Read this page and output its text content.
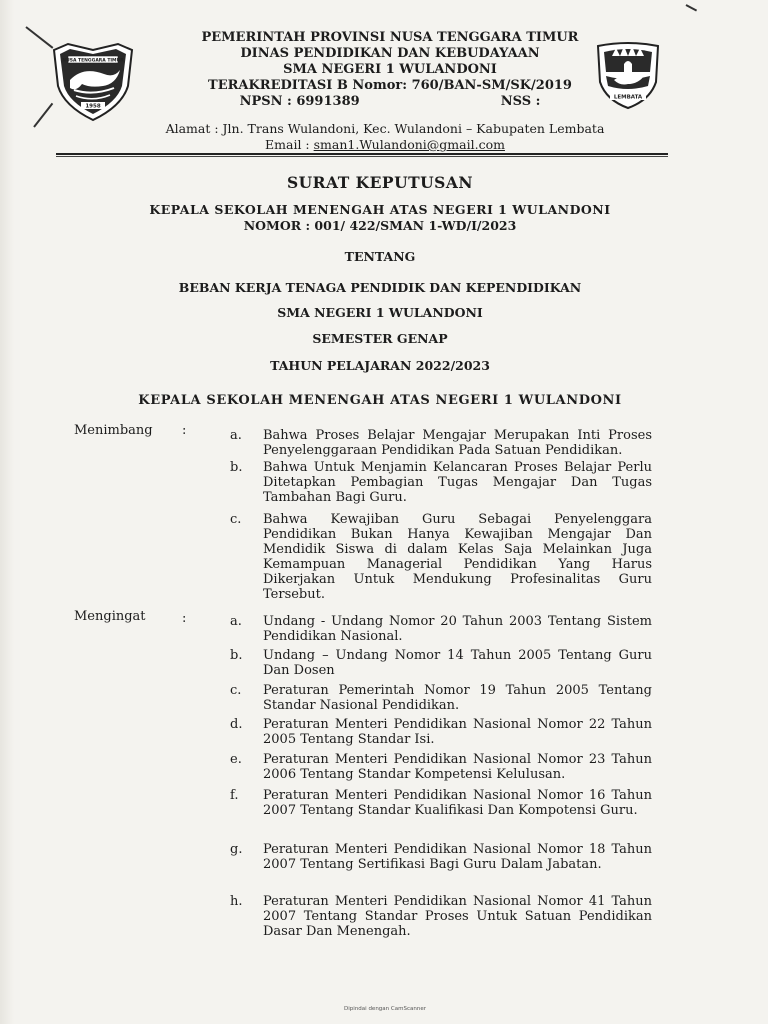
NUSA TENGGARA TIMUR
1958
LEMBATA
PEMERINTAH PROVINSI NUSA TENGGARA TIMUR
DINAS PENDIDIKAN DAN KEBUDAYAAN
SMA NEGERI 1 WULANDONI
TERAKREDITASI B Nomor: 760/BAN-SM/SK/2019
NPSN : 6991389	NSS :
Alamat : Jln. Trans Wulandoni, Kec. Wulandoni – Kabupaten Lembata
Email : sman1.Wulandoni@gmail.com
SURAT KEPUTUSAN
KEPALA SEKOLAH MENENGAH ATAS NEGERI 1 WULANDONI
NOMOR : 001/ 422/SMAN 1-WD/I/2023
TENTANG
BEBAN KERJA TENAGA PENDIDIK DAN KEPENDIDIKAN
SMA NEGERI 1 WULANDONI
SEMESTER GENAP
TAHUN PELAJARAN 2022/2023
KEPALA SEKOLAH MENENGAH ATAS NEGERI 1 WULANDONI
Menimbang :	a.	Bahwa Proses Belajar Mengajar Merupakan Inti Proses Penyelenggaraan Pendidikan Pada Satuan Pendidikan.
b.	Bahwa Untuk Menjamin Kelancaran Proses Belajar Perlu Ditetapkan Pembagian Tugas Mengajar Dan Tugas Tambahan Bagi Guru.
c.	Bahwa Kewajiban Guru Sebagai Penyelenggara Pendidikan Bukan Hanya Kewajiban Mengajar Dan Mendidik Siswa di dalam Kelas Saja Melainkan Juga Kemampuan Managerial Pendidikan Yang Harus Dikerjakan Untuk Mendukung Profesinalitas Guru Tersebut.
Mengingat	:	a.	Undang - Undang Nomor 20 Tahun 2003 Tentang Sistem Pendidikan Nasional.
b.	Undang – Undang Nomor 14 Tahun 2005 Tentang Guru Dan Dosen
c.	Peraturan Pemerintah Nomor 19 Tahun 2005 Tentang Standar Nasional Pendidikan.
d.	Peraturan Menteri Pendidikan Nasional Nomor 22 Tahun 2005 Tentang Standar Isi.
e.	Peraturan Menteri Pendidikan Nasional Nomor 23 Tahun 2006 Tentang Standar Kompetensi Kelulusan.
f.	Peraturan Menteri Pendidikan Nasional Nomor 16 Tahun 2007 Tentang Standar Kualifikasi Dan Kompotensi Guru.
g.	Peraturan Menteri Pendidikan Nasional Nomor 18 Tahun 2007 Tentang Sertifikasi Bagi Guru Dalam Jabatan.
h.	Peraturan Menteri Pendidikan Nasional Nomor 41 Tahun 2007 Tentang Standar Proses Untuk Satuan Pendidikan Dasar Dan Menengah.
Dipindai dengan CamScanner
